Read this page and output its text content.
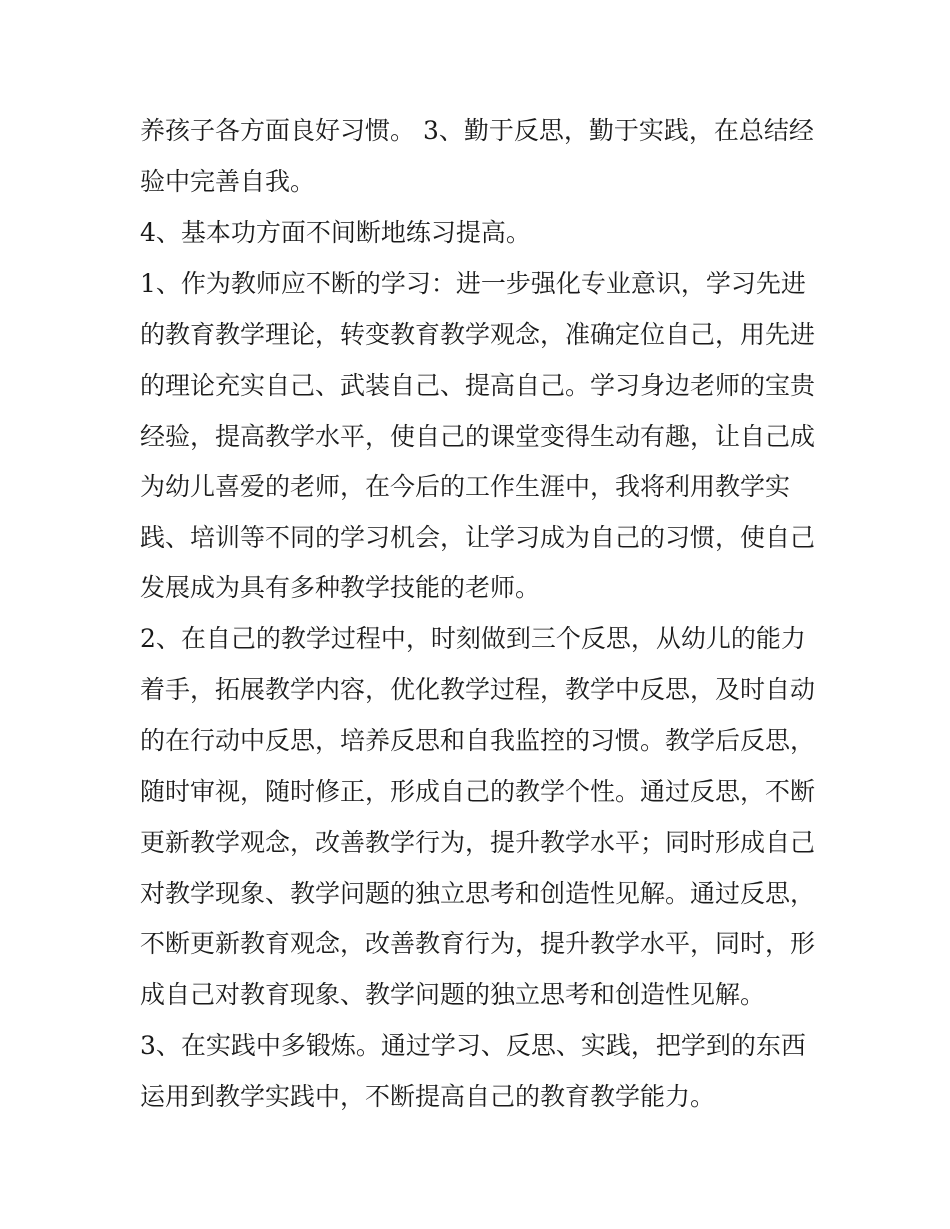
养孩子各方面良好习惯。 3、勤于反思，勤于实践，在总结经
验中完善自我。
4、基本功方面不间断地练习提高。
1、作为教师应不断的学习：进一步强化专业意识，学习先进
的教育教学理论，转变教育教学观念，准确定位自己，用先进
的理论充实自己、武装自己、提高自己。学习身边老师的宝贵
经验，提高教学水平，使自己的课堂变得生动有趣，让自己成
为幼儿喜爱的老师，在今后的工作生涯中，我将利用教学实
践、培训等不同的学习机会，让学习成为自己的习惯，使自己
发展成为具有多种教学技能的老师。
2、在自己的教学过程中，时刻做到三个反思，从幼儿的能力
着手，拓展教学内容，优化教学过程，教学中反思，及时自动
的在行动中反思，培养反思和自我监控的习惯。教学后反思，
随时审视，随时修正，形成自己的教学个性。通过反思，不断
更新教学观念，改善教学行为，提升教学水平；同时形成自己
对教学现象、教学问题的独立思考和创造性见解。通过反思，
不断更新教育观念，改善教育行为，提升教学水平，同时，形
成自己对教育现象、教学问题的独立思考和创造性见解。
3、在实践中多锻炼。通过学习、反思、实践，把学到的东西
运用到教学实践中，不断提高自己的教育教学能力。
